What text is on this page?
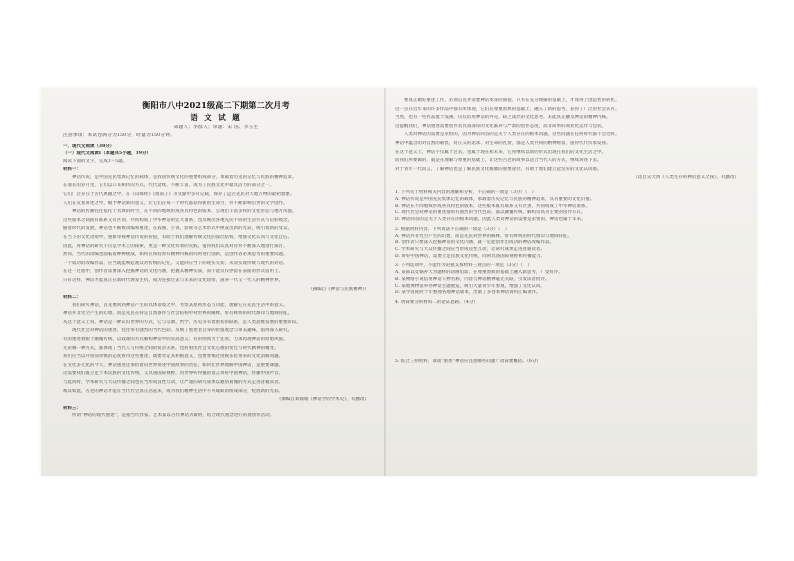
衡阳市八中2021级高二下期第二次月考
语 文 试 题
命题人：李群人；审题：宋 茵、李玉生
注意事项：本试卷满分为150分，时量为150分钟。
一、现代文阅读（38分）
（一）现代文阅读Ⅰ（本题共5小题，19分）
阅读下面的文字，完成1～5题。
材料一：
　　神话传说，是中国先民集体记忆的载体，是我国传统文化的重要组成部分，承载着历史的记忆与民族的精神追求。
在漫长的岁月里，它们以口耳相传的方式，代代延续，不断丰富，成为了民族文化中最具活力的部分之一。
它们广泛存在于古代典籍之中，在《山海经》《淮南子》等文献中多有记载，保存了远古先民对天地万物的最初想象。
人们在反复讲述之中，赋予神话新的意义，让它们在每一个时代都获得新的生命力，并不断影响后世的文学创作。
　　神话的传播往往依托于具体的时空，在不同的地域形成各具特色的版本，呈现出丰富多样的文化形态与地方风貌。
这些版本之间既有联系又有区别，共同构成了中华神话的宏大谱系，也反映出各地先民不同的生活方式与信仰观念。
随着时代的发展，神话也不断被改编和重述，在戏曲、小说、影视等艺术形式中焕发出新的光彩，吸引着新的受众。
在当下的文化语境中，重新审视神话传说的价值，有助于我们理解传统文化的深层结构，增强文化认同与文化自信。
因此，对神话的研究不仅是学术上的探索，更是一种文化传承的实践，值得我们认真对待并不断深入地进行探讨。
然而，当代的改编也面临着种种挑战，如何在保持原有精神内核的同时进行创新，是创作者必须思考的重要问题。
一个成功的改编作品，应当既能唤起观众对传统的记忆，又能回应当下的现实关切，从而实现传统与现代的对话。
在这一过程中，创作者需要深入挖掘神话的文化内涵，把握其精神实质，而不能仅仅停留在表面的形式借用上。
只有这样，神话才能真正在新时代焕发生机，成为连接过去与未来的文化纽带，滋养一代又一代人的精神世界。
（摘编自《神话与民族精神》）
材料二：
　　我们研究神话，首先要回到神话产生的具体语境之中，考察其原初形态与功能，理解它在先民生活中的意义。
神话并非凭空产生的幻想，而是先民在特定自然条件与社会结构中对世界的解释，带有鲜明的时代烙印与地域特征。
从这个意义上说，神话是一种认识世界的方式，它与宗教、哲学、历史等有着密切的联系，是人类思维发展的重要阶段。
　　现代社会对神话的重述，往往带有强烈的当代色彩，反映了重述者自身的价值观念与审美趣味，值得深入研究。
有的重述着眼于颠覆传统，以戏谑的方式解构神话中的崇高意义；有的则致力于还原，力求再现神话的原始风貌。
无论哪一种方式，都体现了当代人与传统之间的复杂关系，也折射出社会文化心理的变迁与时代精神的嬗变。
我们应当以开放而审慎的态度看待这些重述，既要肯定其积极意义，也要警惕过度娱乐化带来的文化消解问题。
在文化多元化的今天，神话重述还承担着向世界讲述中国故事的责任，如何让世界理解中国神话，是重要课题。
这需要我们既立足于本民族的文化传统，又具备国际视野，用世界听得懂的语言讲好中国神话，传播中国声音。
与此同时，学术研究与大众传播之间也应当形成良性互动，让严谨的研究成果以通俗易懂的方式走进普通读者。
唯其如此，古老的神话才能在当代社会真正活起来，成为我们精神生活中不可或缺的组成部分，绽放新的光彩。
（摘编自刘锡诚《神话学的学术史》，有删改）
材料三：
　　所谓“神话的现代重述”，是指当代作家、艺术家以古代神话为素材，结合现代观念进行的再创作活动。
　　要真正做好重述工作，必须首先弄清楚神话本身的面貌，只有在充分理解的基础上，才谈得上创造性的转化。
这一点在近年来的许多作品中都有所体现，它们在尊重原典的基础上，融入了新的思考，获得了广泛的社会认可。
当然，也有一些作品流于浅薄，仅仅借用神话的外壳，缺乏深层的文化思考，未能真正触及神话的精神内核。
这提醒我们，神话重述需要创作者具备深厚的文化素养与严肃的创作态度，而非简单的商业化运作与包装。
　　人类对神话的需要是永恒的，因为神话回答的是关于人类存在的根本问题，这些问题在任何时代都不会过时。
神话中蕴含的对自然的敬畏、对正义的追求、对生命的礼赞，都是人类共同的精神财富，值得代代传承发扬。
在这个意义上，神话不仅属于过去，也属于现在和未来，它将继续以新的形式出现在我们的文化生活之中。
而我们所要做的，就是在理解与尊重的基础上，让这些古老的故事以适合当代人的方式，继续讲述下去。
对于青年一代而言，了解神话也是了解民族文化根脉的重要途径，有助于他们建立起坚实的文化认同感。
（选自吴大禹《人类生存的神话意义之探》，有删改）
1. 下列关于材料相关内容的理解和分析，不正确的一项是（3分）（　）
A. 神话传说是中国先民集体记忆的载体，承载着历史记忆与民族的精神追求，具有重要的文化价值。
B. 神话在不同地域形成各具特色的版本，这些版本既有联系又有区别，共同构成了中华神话谱系。
C. 现代社会对神话的重述都带有强烈的当代色彩，都以颠覆传统、解构崇高为主要的创作方式。
D. 神话回答的是关于人类存在的根本问题，因此人类对神话的需要是永恒的，神话也属于未来。
2. 根据材料内容，下列说法不正确的一项是（3分）（　）
A. 神话并非凭空产生的幻想，而是先民对世界的解释，带有鲜明的时代烙印与地域特征。
B. 创作者只要深入挖掘神话的文化内涵，就一定能创作出成功的神话改编作品。
C. 学术研究与大众传播之间应当形成良性互动，让研究成果走进普通读者。
D. 讲好中国神话，需要立足民族文化传统，同时具备国际视野和传播能力。
3. 下列选项中，不能作为论据支撑材料三观点的一项是（3分）（　）
A. 某部以女娲补天为题材的动画电影，在尊重原典的基础上融入新思考，广受好评。
B. 某网络小说借用神话人物名称，内容与神话精神毫无关联，引发读者批评。
C. 某地博物馆举办神话主题展览，吸引大量青少年参观，增强了文化认同。
D. 某学者耗时十年整理各地神话版本，出版了多卷本神话资料汇编著作。
4. 请简要分析材料二的论证思路。（4分）
5. 结合三则材料，谈谈“重述”神话应注意哪些问题？请简要概括。（6分）
